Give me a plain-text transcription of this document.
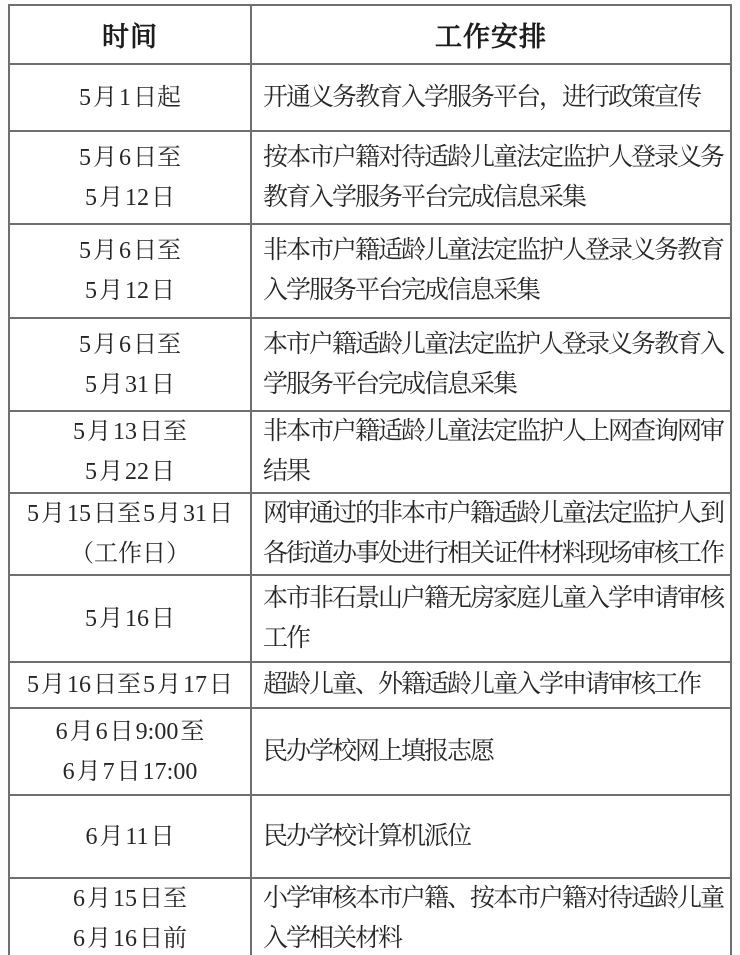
时间	工作安排

5 月 1 日起	开通义务教育入学服务平台，进行政策宣传

5 月 6 日至
5 月 12 日	按本市户籍对待适龄儿童法定监护人登录义务
教育入学服务平台完成信息采集

5 月 6 日至
5 月 12 日	非本市户籍适龄儿童法定监护人登录义务教育
入学服务平台完成信息采集

5 月 6 日至
5 月 31 日	本市户籍适龄儿童法定监护人登录义务教育入
学服务平台完成信息采集

5 月 13 日至
5 月 22 日	非本市户籍适龄儿童法定监护人上网查询网审
结果

5 月 15 日至 5 月 31 日
（工作日）	网审通过的非本市户籍适龄儿童法定监护人到
各街道办事处进行相关证件材料现场审核工作

5 月 16 日	本市非石景山户籍无房家庭儿童入学申请审核
工作

5 月 16 日至 5 月 17 日	超龄儿童、外籍适龄儿童入学申请审核工作

6 月 6 日 9:00 至
6 月 7 日 17:00	民办学校网上填报志愿

6 月 11 日	民办学校计算机派位

6 月 15 日至
6 月 16 日前	小学审核本市户籍、按本市户籍对待适龄儿童
入学相关材料
